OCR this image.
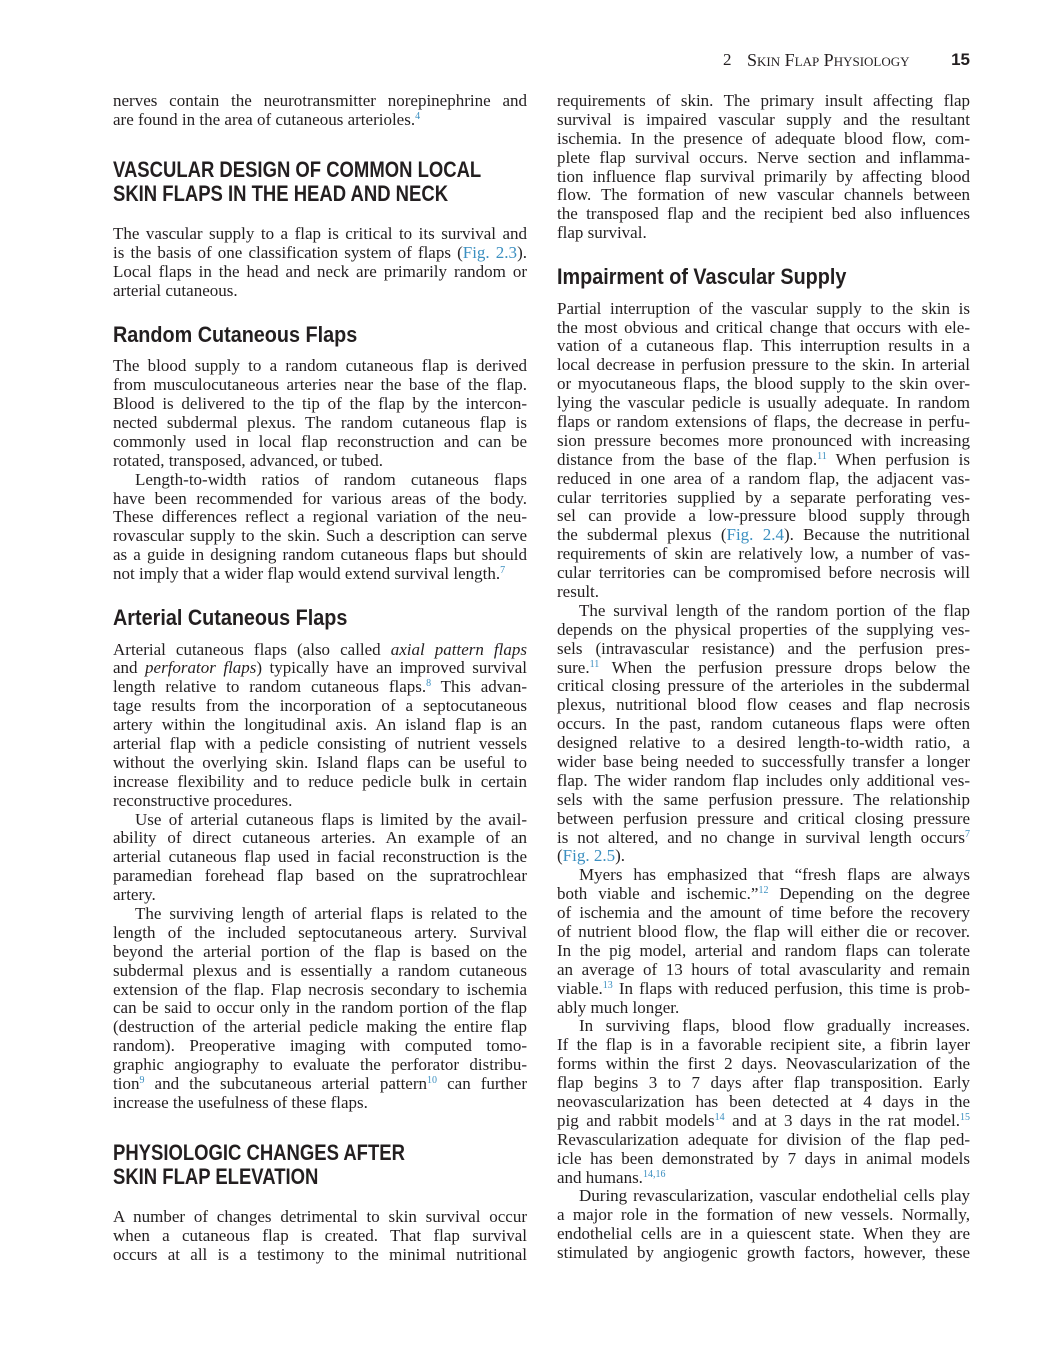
2 Skin Flap Physiology 15
nerves contain the neurotransmitter norepinephrine and
are found in the area of cutaneous arterioles.$^4$
VASCULAR DESIGN OF COMMON LOCAL
SKIN FLAPS IN THE HEAD AND NECK
The vascular supply to a flap is critical to its survival and
is the basis of one classification system of flaps (Fig. 2.3).
Local flaps in the head and neck are primarily random or
arterial cutaneous.
Random Cutaneous Flaps
The blood supply to a random cutaneous flap is derived
from musculocutaneous arteries near the base of the flap.
Blood is delivered to the tip of the flap by the intercon-
nected subdermal plexus. The random cutaneous flap is
commonly used in local flap reconstruction and can be
rotated, transposed, advanced, or tubed.
Length-to-width ratios of random cutaneous flaps
have been recommended for various areas of the body.
These differences reflect a regional variation of the neu-
rovascular supply to the skin. Such a description can serve
as a guide in designing random cutaneous flaps but should
not imply that a wider flap would extend survival length.$^7$
Arterial Cutaneous Flaps
Arterial cutaneous flaps (also called axial pattern flaps
and perforator flaps) typically have an improved survival
length relative to random cutaneous flaps.$^8$ This advan-
tage results from the incorporation of a septocutaneous
artery within the longitudinal axis. An island flap is an
arterial flap with a pedicle consisting of nutrient vessels
without the overlying skin. Island flaps can be useful to
increase flexibility and to reduce pedicle bulk in certain
reconstructive procedures.
Use of arterial cutaneous flaps is limited by the avail-
ability of direct cutaneous arteries. An example of an
arterial cutaneous flap used in facial reconstruction is the
paramedian forehead flap based on the supratrochlear
artery.
The surviving length of arterial flaps is related to the
length of the included septocutaneous artery. Survival
beyond the arterial portion of the flap is based on the
subdermal plexus and is essentially a random cutaneous
extension of the flap. Flap necrosis secondary to ischemia
can be said to occur only in the random portion of the flap
(destruction of the arterial pedicle making the entire flap
random). Preoperative imaging with computed tomo-
graphic angiography to evaluate the perforator distribu-
tion$^9$ and the subcutaneous arterial pattern$^{10}$ can further
increase the usefulness of these flaps.
PHYSIOLOGIC CHANGES AFTER
SKIN FLAP ELEVATION
A number of changes detrimental to skin survival occur
when a cutaneous flap is created. That flap survival
occurs at all is a testimony to the minimal nutritional
requirements of skin. The primary insult affecting flap
survival is impaired vascular supply and the resultant
ischemia. In the presence of adequate blood flow, com-
plete flap survival occurs. Nerve section and inflamma-
tion influence flap survival primarily by affecting blood
flow. The formation of new vascular channels between
the transposed flap and the recipient bed also influences
flap survival.
Impairment of Vascular Supply
Partial interruption of the vascular supply to the skin is
the most obvious and critical change that occurs with ele-
vation of a cutaneous flap. This interruption results in a
local decrease in perfusion pressure to the skin. In arterial
or myocutaneous flaps, the blood supply to the skin over-
lying the vascular pedicle is usually adequate. In random
flaps or random extensions of flaps, the decrease in perfu-
sion pressure becomes more pronounced with increasing
distance from the base of the flap.$^{11}$ When perfusion is
reduced in one area of a random flap, the adjacent vas-
cular territories supplied by a separate perforating ves-
sel can provide a low-pressure blood supply through
the subdermal plexus (Fig. 2.4). Because the nutritional
requirements of skin are relatively low, a number of vas-
cular territories can be compromised before necrosis will
result.
The survival length of the random portion of the flap
depends on the physical properties of the supplying ves-
sels (intravascular resistance) and the perfusion pres-
sure.$^{11}$ When the perfusion pressure drops below the
critical closing pressure of the arterioles in the subdermal
plexus, nutritional blood flow ceases and flap necrosis
occurs. In the past, random cutaneous flaps were often
designed relative to a desired length-to-width ratio, a
wider base being needed to successfully transfer a longer
flap. The wider random flap includes only additional ves-
sels with the same perfusion pressure. The relationship
between perfusion pressure and critical closing pressure
is not altered, and no change in survival length occurs$^7$
(Fig. 2.5).
Myers has emphasized that “fresh flaps are always
both viable and ischemic.”$^{12}$ Depending on the degree
of ischemia and the amount of time before the recovery
of nutrient blood flow, the flap will either die or recover.
In the pig model, arterial and random flaps can tolerate
an average of 13 hours of total avascularity and remain
viable.$^{13}$ In flaps with reduced perfusion, this time is prob-
ably much longer.
In surviving flaps, blood flow gradually increases.
If the flap is in a favorable recipient site, a fibrin layer
forms within the first 2 days. Neovascularization of the
flap begins 3 to 7 days after flap transposition. Early
neovascularization has been detected at 4 days in the
pig and rabbit models$^{14}$ and at 3 days in the rat model.$^{15}$
Revascularization adequate for division of the flap ped-
icle has been demonstrated by 7 days in animal models
and humans.$^{14,16}$
During revascularization, vascular endothelial cells play
a major role in the formation of new vessels. Normally,
endothelial cells are in a quiescent state. When they are
stimulated by angiogenic growth factors, however, these
